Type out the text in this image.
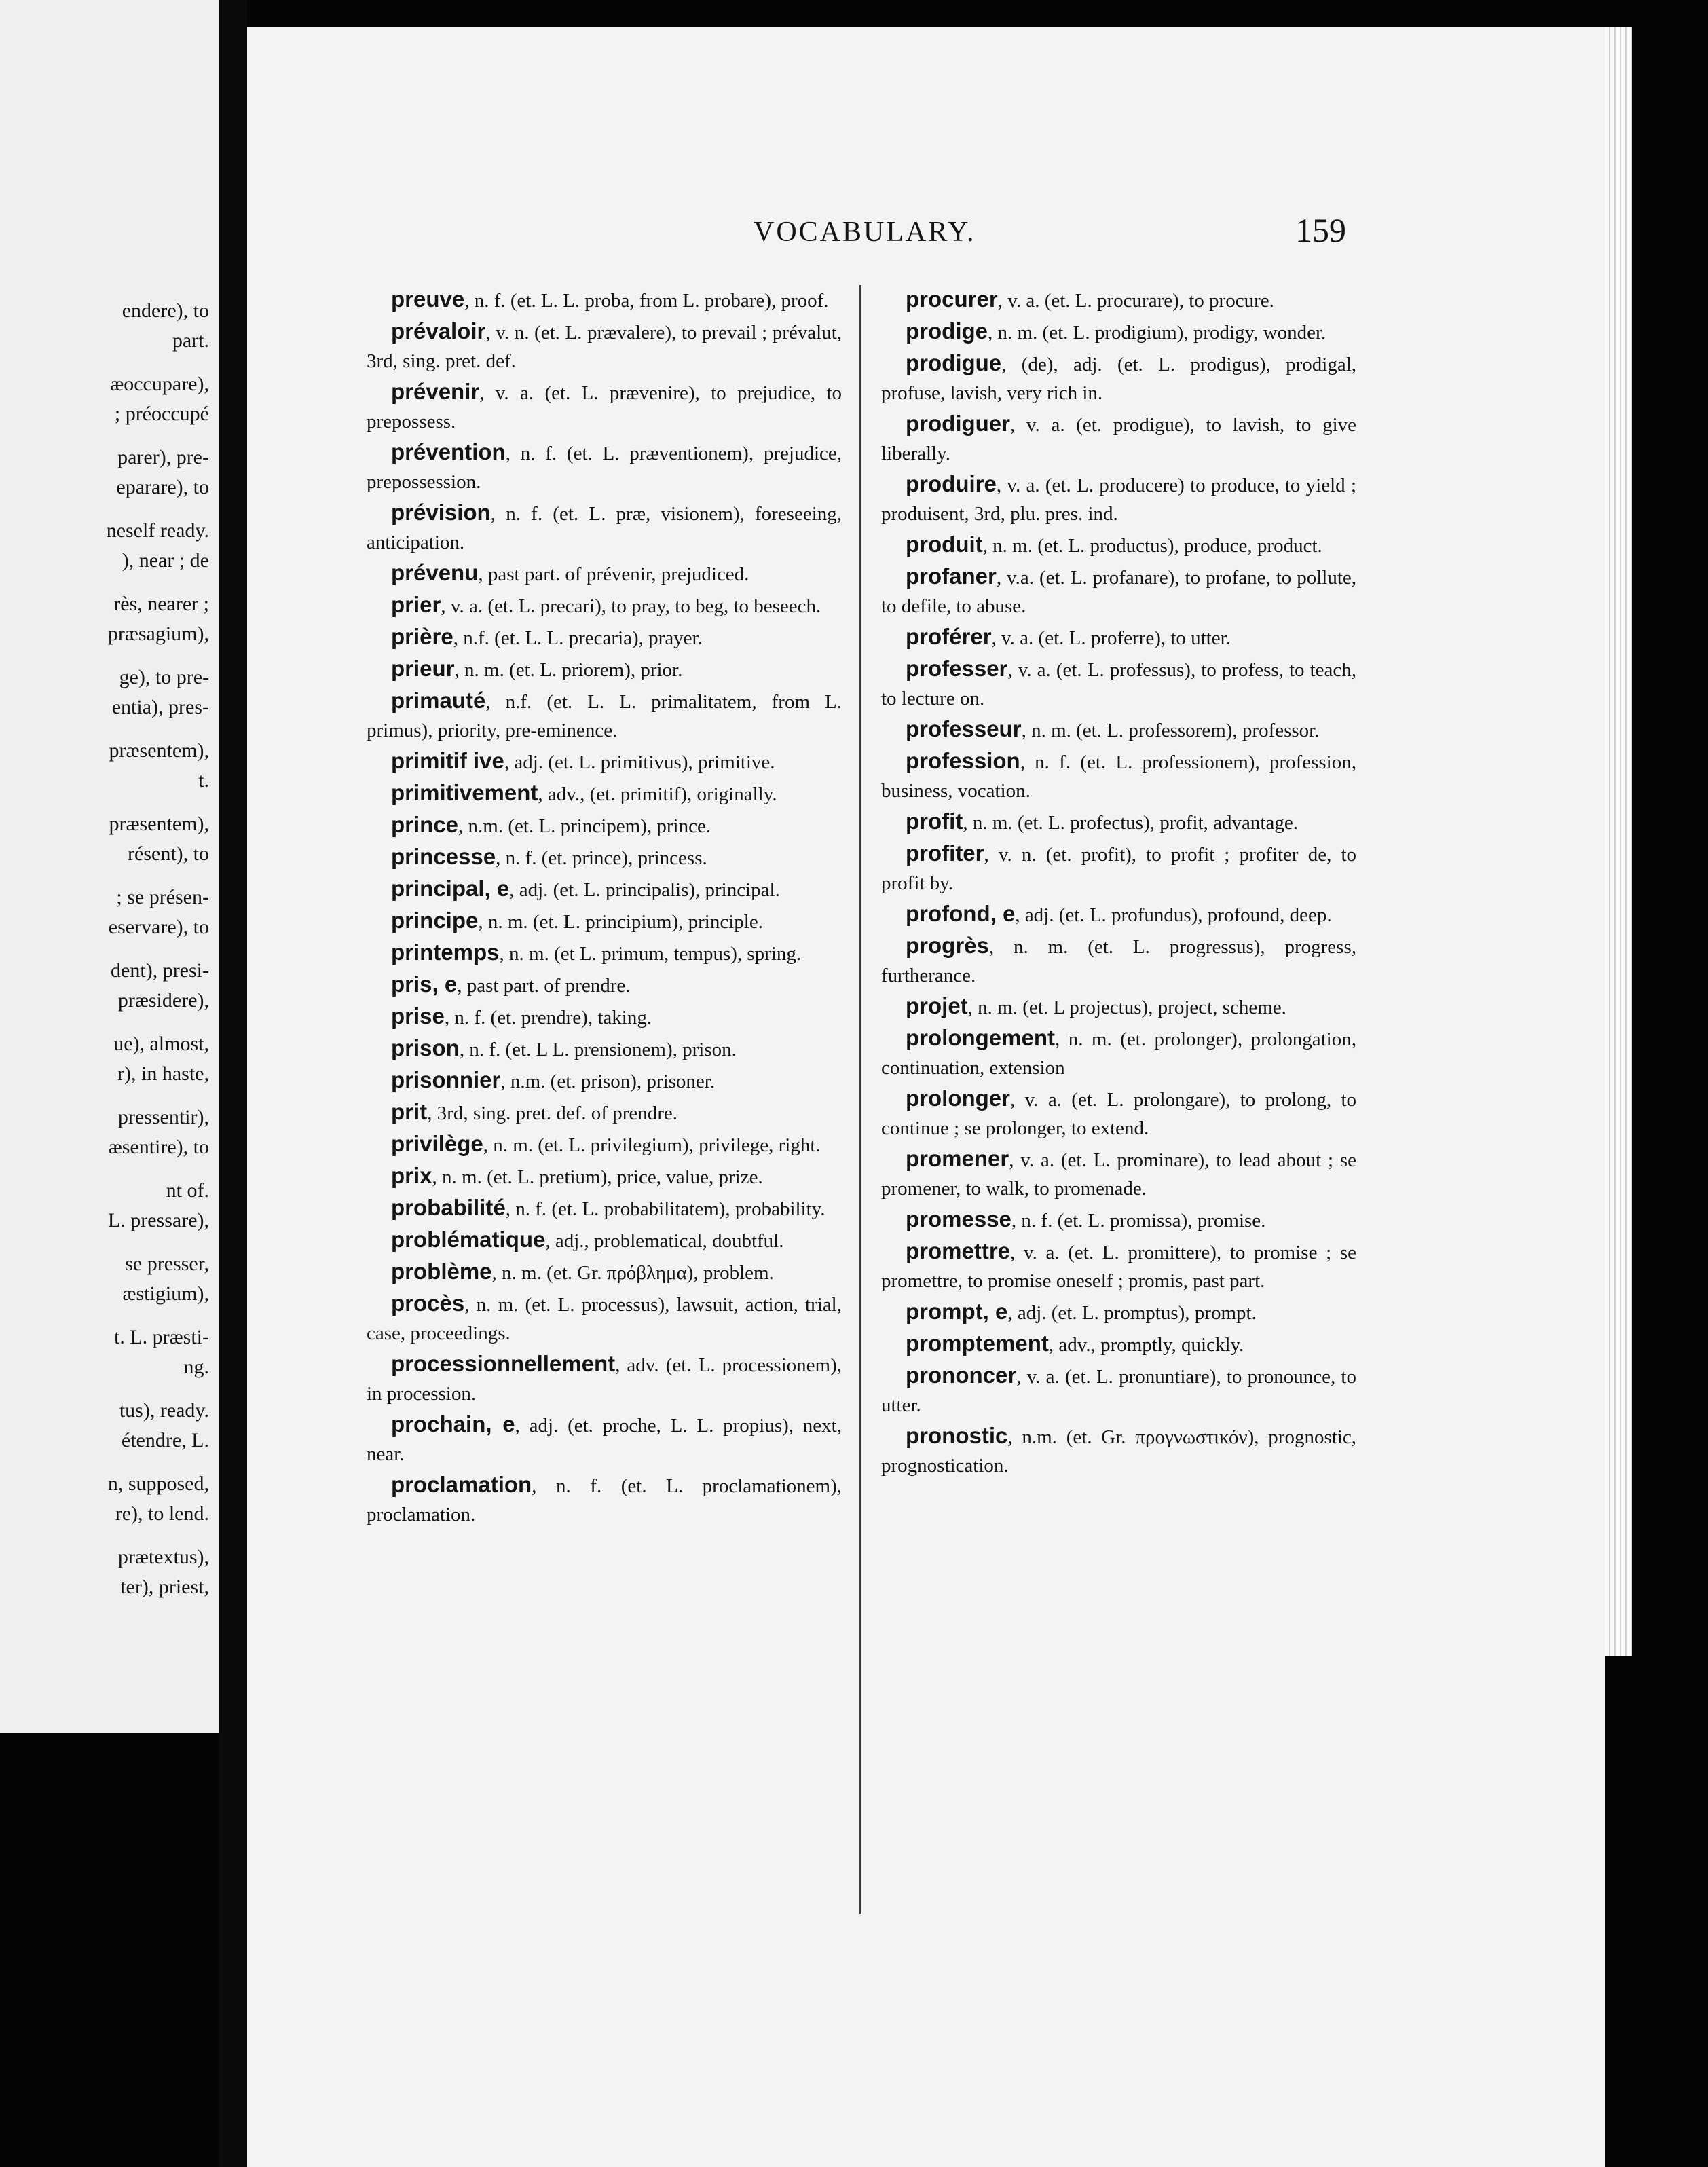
endere), to
part.
æoccupare),
; préoccupé
parer), pre-
eparare), to
neself ready.
), near ; de
rès, nearer ;
præsagium),
ge), to pre-
entia), pres-
præsentem),
t.
præsentem),
résent), to
; se présen-
eservare), to
dent), presi-
præsidere),
ue), almost,
r), in haste,
pressentir),
æsentire), to
nt of.
L. pressare),
se presser,
æstigium),
t. L. præsti-
ng.
tus), ready.
étendre, L.
n, supposed,
re), to lend.
prætextus),
ter), priest,
VOCABULARY.	159
preuve, n. f. (et. L. L. proba, from L. probare), proof.
prévaloir, v. n. (et. L. prævalere), to prevail ; prévalut, 3rd, sing. pret. def.
prévenir, v. a. (et. L. prævenire), to prejudice, to prepossess.
prévention, n. f. (et. L. præventionem), prejudice, prepossession.
prévision, n. f. (et. L. præ, visionem), foreseeing, anticipation.
prévenu, past part. of prévenir, prejudiced.
prier, v. a. (et. L. precari), to pray, to beg, to beseech.
prière, n.f. (et. L. L. precaria), prayer.
prieur, n. m. (et. L. priorem), prior.
primauté, n.f. (et. L. L. primalitatem, from L. primus), priority, pre-eminence.
primitif ive, adj. (et. L. primitivus), primitive.
primitivement, adv., (et. primitif), originally.
prince, n.m. (et. L. principem), prince.
princesse, n. f. (et. prince), princess.
principal, e, adj. (et. L. principalis), principal.
principe, n. m. (et. L. principium), principle.
printemps, n. m. (et L. primum, tempus), spring.
pris, e, past part. of prendre.
prise, n. f. (et. prendre), taking.
prison, n. f. (et. L L. prensionem), prison.
prisonnier, n.m. (et. prison), prisoner.
prit, 3rd, sing. pret. def. of prendre.
privilège, n. m. (et. L. privilegium), privilege, right.
prix, n. m. (et. L. pretium), price, value, prize.
probabilité, n. f. (et. L. probabilitatem), probability.
problématique, adj., problematical, doubtful.
problème, n. m. (et. Gr. πρόβλημα), problem.
procès, n. m. (et. L. processus), lawsuit, action, trial, case, proceedings.
processionnellement, adv. (et. L. processionem), in procession.
prochain, e, adj. (et. proche, L. L. propius), next, near.
proclamation, n. f. (et. L. proclamationem), proclamation.
procurer, v. a. (et. L. procurare), to procure.
prodige, n. m. (et. L. prodigium), prodigy, wonder.
prodigue, (de), adj. (et. L. prodigus), prodigal, profuse, lavish, very rich in.
prodiguer, v. a. (et. prodigue), to lavish, to give liberally.
produire, v. a. (et. L. producere) to produce, to yield ; produisent, 3rd, plu. pres. ind.
produit, n. m. (et. L. productus), produce, product.
profaner, v.a. (et. L. profanare), to profane, to pollute, to defile, to abuse.
proférer, v. a. (et. L. proferre), to utter.
professer, v. a. (et. L. professus), to profess, to teach, to lecture on.
professeur, n. m. (et. L. professorem), professor.
profession, n. f. (et. L. professionem), profession, business, vocation.
profit, n. m. (et. L. profectus), profit, advantage.
profiter, v. n. (et. profit), to profit ; profiter de, to profit by.
profond, e, adj. (et. L. profundus), profound, deep.
progrès, n. m. (et. L. progressus), progress, furtherance.
projet, n. m. (et. L projectus), project, scheme.
prolongement, n. m. (et. prolonger), prolongation, continuation, extension
prolonger, v. a. (et. L. prolongare), to prolong, to continue ; se prolonger, to extend.
promener, v. a. (et. L. prominare), to lead about ; se promener, to walk, to promenade.
promesse, n. f. (et. L. promissa), promise.
promettre, v. a. (et. L. promittere), to promise ; se promettre, to promise oneself ; promis, past part.
prompt, e, adj. (et. L. promptus), prompt.
promptement, adv., promptly, quickly.
prononcer, v. a. (et. L. pronuntiare), to pronounce, to utter.
pronostic, n.m. (et. Gr. προγνωστικόν), prognostic, prognostication.
